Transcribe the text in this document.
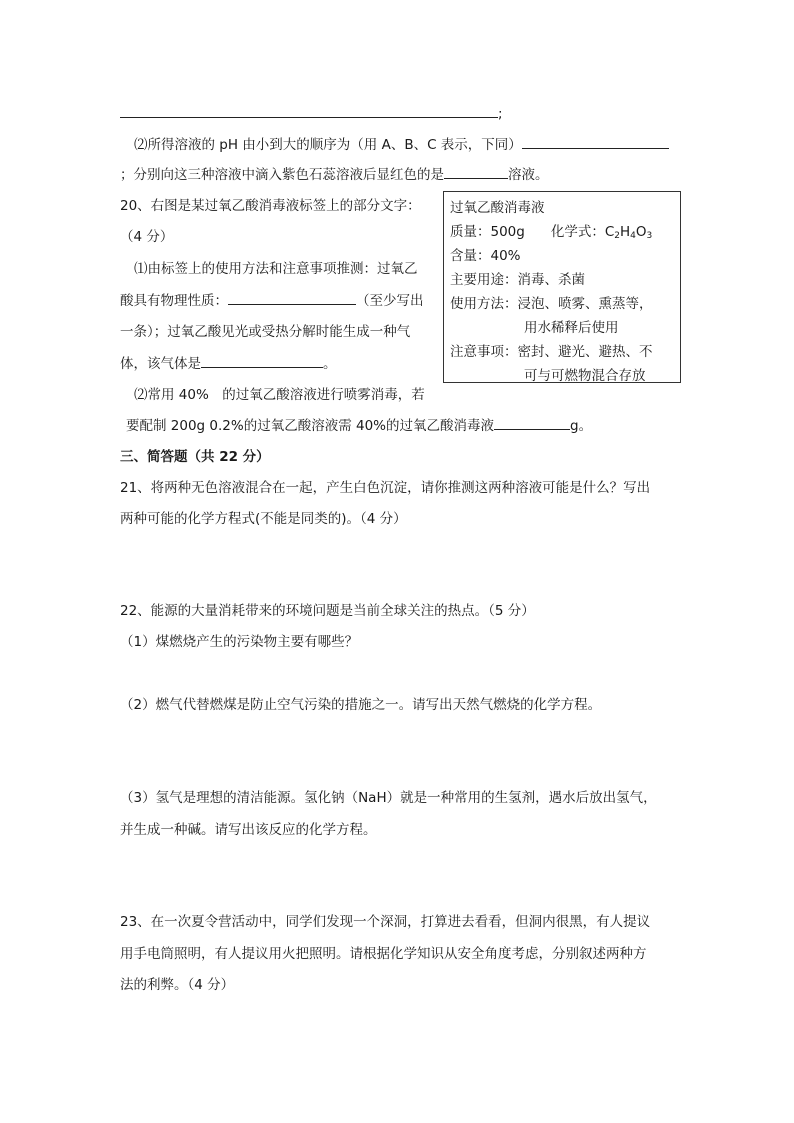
;
⑵所得溶液的 pH 由小到大的顺序为（用 A、B、C 表示，下同）
；分别向这三种溶液中滴入紫色石蕊溶液后显红色的是	溶液。
20、右图是某过氧乙酸消毒液标签上的部分文字：
（4 分）
⑴由标签上的使用方法和注意事项推测：过氧乙
酸具有物理性质：	（至少写出
一条）；过氧乙酸见光或受热分解时能生成一种气
体，该气体是	。
⑵常用 40%　的过氧乙酸溶液进行喷雾消毒，若
要配制 200g 0.2%的过氧乙酸溶液需 40%的过氧乙酸消毒液	g。
过氧乙酸消毒液
质量：500g 化学式：$C_2H_4O_3$
含量：40%
主要用途：消毒、杀菌
使用方法：浸泡、喷雾、熏蒸等，
用水稀释后使用
注意事项：密封、避光、避热、不
可与可燃物混合存放
三、简答题（共 22 分）
21、将两种无色溶液混合在一起，产生白色沉淀，请你推测这两种溶液可能是什么？写出
两种可能的化学方程式(不能是同类的)。（4 分）
22、能源的大量消耗带来的环境问题是当前全球关注的热点。（5 分）
（1）煤燃烧产生的污染物主要有哪些？
（2）燃气代替燃煤是防止空气污染的措施之一。请写出天然气燃烧的化学方程。
（3）氢气是理想的清洁能源。氢化钠（NaH）就是一种常用的生氢剂，遇水后放出氢气，
并生成一种碱。请写出该反应的化学方程。
23、在一次夏令营活动中，同学们发现一个深洞，打算进去看看，但洞内很黑，有人提议
用手电筒照明，有人提议用火把照明。请根据化学知识从安全角度考虑，分别叙述两种方
法的利弊。（4 分）
